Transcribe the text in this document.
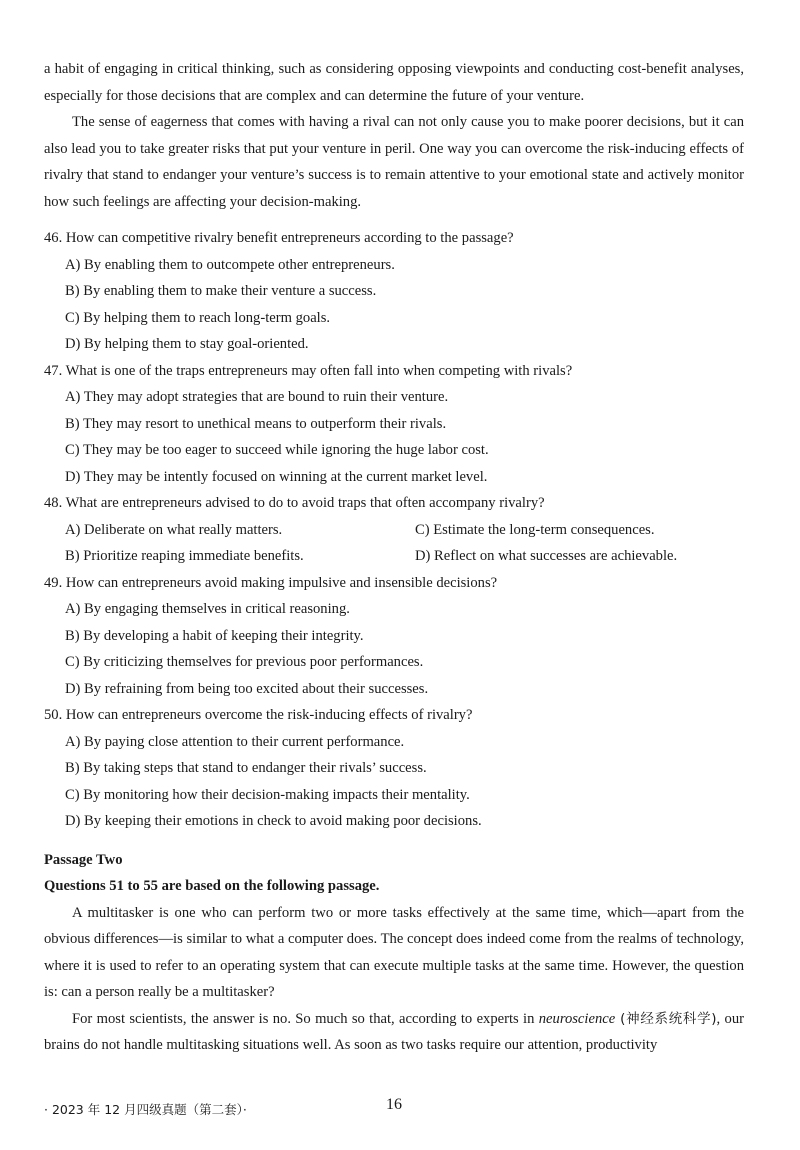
a habit of engaging in critical thinking, such as considering opposing viewpoints and conducting cost-benefit analyses, especially for those decisions that are complex and can determine the future of your venture.

The sense of eagerness that comes with having a rival can not only cause you to make poorer decisions, but it can also lead you to take greater risks that put your venture in peril. One way you can overcome the risk-inducing effects of rivalry that stand to endanger your venture’s success is to remain attentive to your emotional state and actively monitor how such feelings are affecting your decision-making.

46. How can competitive rivalry benefit entrepreneurs according to the passage?

A) By enabling them to outcompete other entrepreneurs.

B) By enabling them to make their venture a success.

C) By helping them to reach long-term goals.

D) By helping them to stay goal-oriented.

47. What is one of the traps entrepreneurs may often fall into when competing with rivals?

A) They may adopt strategies that are bound to ruin their venture.

B) They may resort to unethical means to outperform their rivals.

C) They may be too eager to succeed while ignoring the huge labor cost.

D) They may be intently focused on winning at the current market level.

48. What are entrepreneurs advised to do to avoid traps that often accompany rivalry?

A) Deliberate on what really matters.	C) Estimate the long-term consequences.

B) Prioritize reaping immediate benefits.	D) Reflect on what successes are achievable.

49. How can entrepreneurs avoid making impulsive and insensible decisions?

A) By engaging themselves in critical reasoning.

B) By developing a habit of keeping their integrity.

C) By criticizing themselves for previous poor performances.

D) By refraining from being too excited about their successes.

50. How can entrepreneurs overcome the risk-inducing effects of rivalry?

A) By paying close attention to their current performance.

B) By taking steps that stand to endanger their rivals’ success.

C) By monitoring how their decision-making impacts their mentality.

D) By keeping their emotions in check to avoid making poor decisions.

Passage Two

Questions 51 to 55 are based on the following passage.

A multitasker is one who can perform two or more tasks effectively at the same time, which—apart from the obvious differences—is similar to what a computer does. The concept does indeed come from the realms of technology, where it is used to refer to an operating system that can execute multiple tasks at the same time. However, the question is: can a person really be a multitasker?

For most scientists, the answer is no. So much so that, according to experts in neuroscience (神经系统科学), our brains do not handle multitasking situations well. As soon as two tasks require our attention, productivity

· 2023 年 12 月四级真题（第二套）·	16
